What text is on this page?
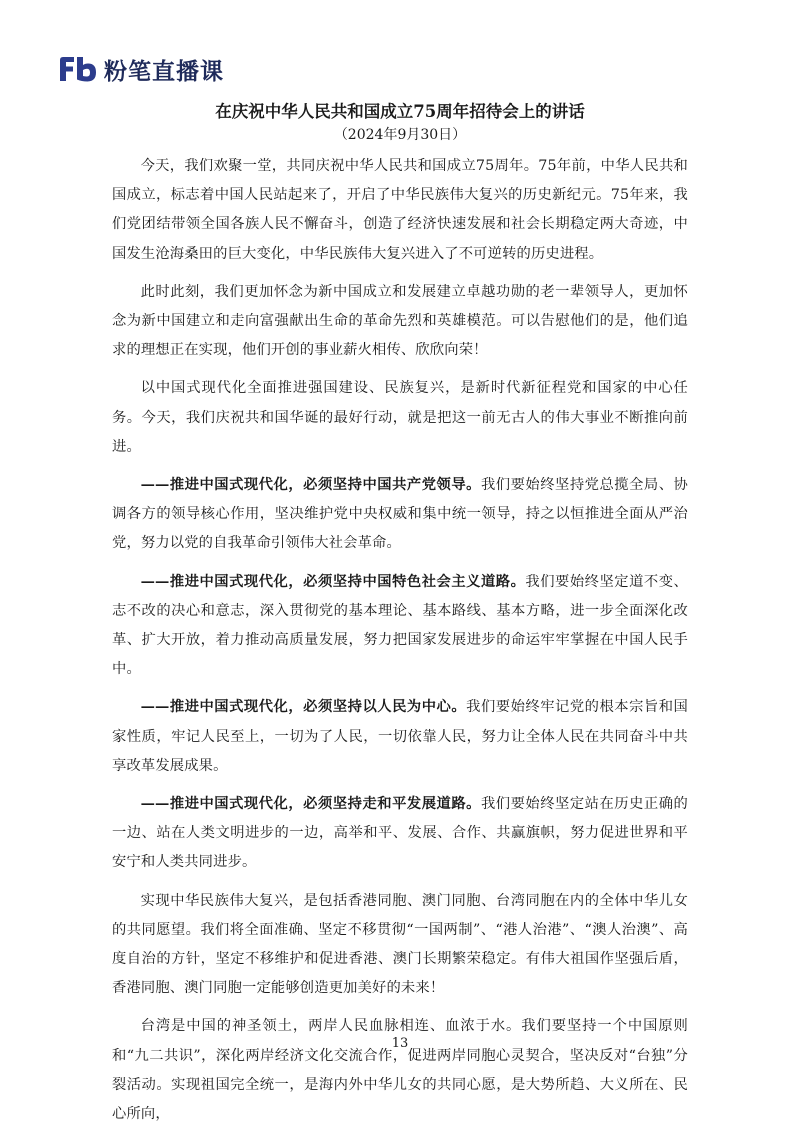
粉笔直播课

在庆祝中华人民共和国成立75周年招待会上的讲话

（2024年9月30日）

今天，我们欢聚一堂，共同庆祝中华人民共和国成立75周年。75年前，中华人民共和国成立，标志着中国人民站起来了，开启了中华民族伟大复兴的历史新纪元。75年来，我们党团结带领全国各族人民不懈奋斗，创造了经济快速发展和社会长期稳定两大奇迹，中国发生沧海桑田的巨大变化，中华民族伟大复兴进入了不可逆转的历史进程。

此时此刻，我们更加怀念为新中国成立和发展建立卓越功勋的老一辈领导人，更加怀念为新中国建立和走向富强献出生命的革命先烈和英雄模范。可以告慰他们的是，他们追求的理想正在实现，他们开创的事业薪火相传、欣欣向荣！

以中国式现代化全面推进强国建设、民族复兴，是新时代新征程党和国家的中心任务。今天，我们庆祝共和国华诞的最好行动，就是把这一前无古人的伟大事业不断推向前进。

——推进中国式现代化，必须坚持中国共产党领导。我们要始终坚持党总揽全局、协调各方的领导核心作用，坚决维护党中央权威和集中统一领导，持之以恒推进全面从严治党，努力以党的自我革命引领伟大社会革命。

——推进中国式现代化，必须坚持中国特色社会主义道路。我们要始终坚定道不变、志不改的决心和意志，深入贯彻党的基本理论、基本路线、基本方略，进一步全面深化改革、扩大开放，着力推动高质量发展，努力把国家发展进步的命运牢牢掌握在中国人民手中。

——推进中国式现代化，必须坚持以人民为中心。我们要始终牢记党的根本宗旨和国家性质，牢记人民至上，一切为了人民，一切依靠人民，努力让全体人民在共同奋斗中共享改革发展成果。

——推进中国式现代化，必须坚持走和平发展道路。我们要始终坚定站在历史正确的一边、站在人类文明进步的一边，高举和平、发展、合作、共赢旗帜，努力促进世界和平安宁和人类共同进步。

实现中华民族伟大复兴，是包括香港同胞、澳门同胞、台湾同胞在内的全体中华儿女的共同愿望。我们将全面准确、坚定不移贯彻“一国两制”、“港人治港”、“澳人治澳”、高度自治的方针，坚定不移维护和促进香港、澳门长期繁荣稳定。有伟大祖国作坚强后盾，香港同胞、澳门同胞一定能够创造更加美好的未来！

台湾是中国的神圣领土，两岸人民血脉相连、血浓于水。我们要坚持一个中国原则和“九二共识”，深化两岸经济文化交流合作，促进两岸同胞心灵契合，坚决反对“台独”分裂活动。实现祖国完全统一，是海内外中华儿女的共同心愿，是大势所趋、大义所在、民心所向，

13
